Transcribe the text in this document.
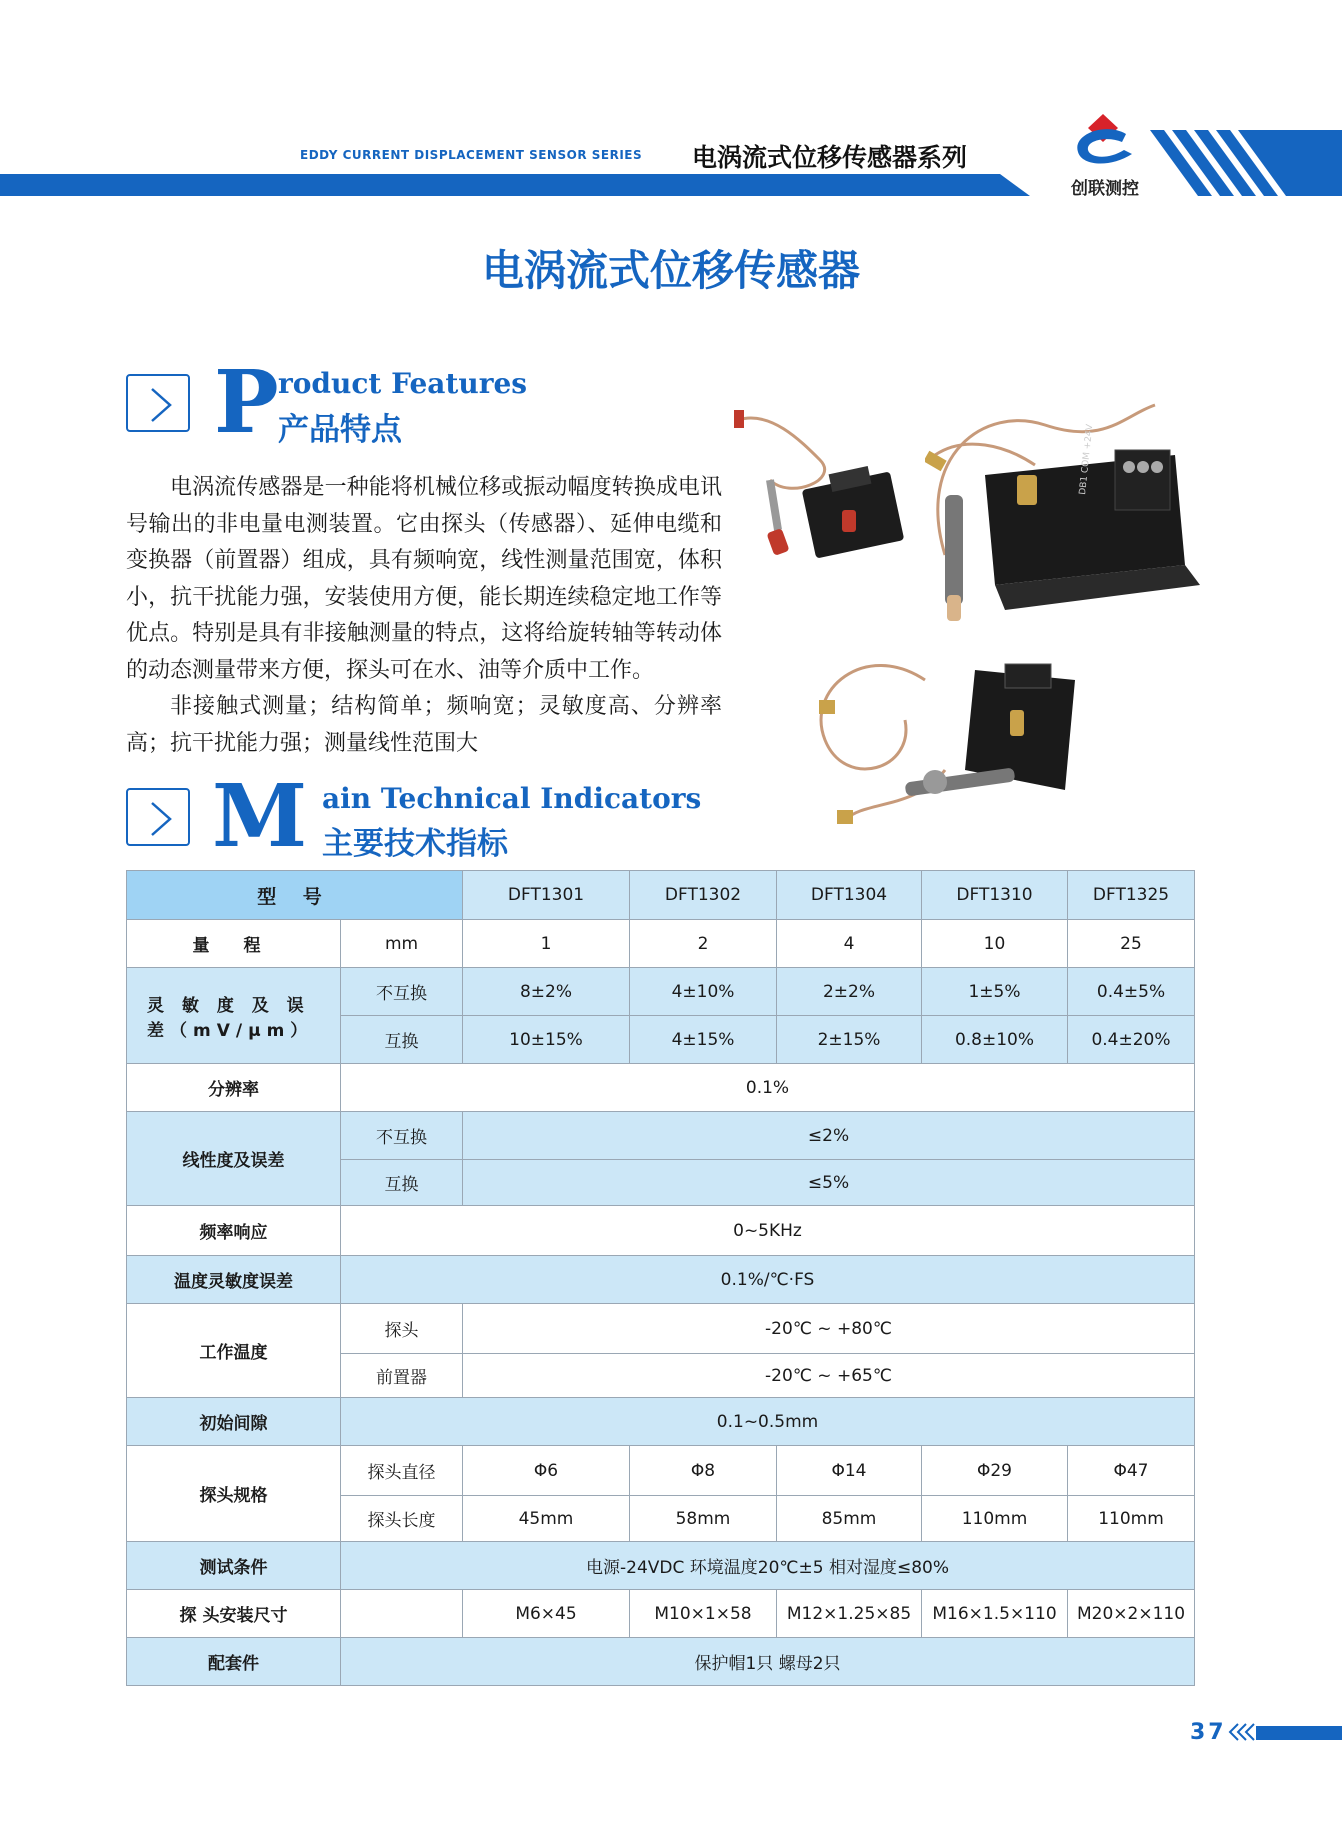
EDDY CURRENT DISPLACEMENT SENSOR SERIES 电涡流式位移传感器系列
创联测控
电涡流式位移传感器
P roduct Features
产品特点

电涡流传感器是一种能将机械位移或振动幅度转换成电讯号输出的非电量电测装置。它由探头（传感器）、延伸电缆和变换器（前置器）组成，具有频响宽，线性测量范围宽，体积小，抗干扰能力强，安装使用方便，能长期连续稳定地工作等优点。特别是具有非接触测量的特点，这将给旋转轴等转动体的动态测量带来方便，探头可在水、油等介质中工作。

非接触式测量；结构简单；频响宽；灵敏度高、分辨率高；抗干扰能力强；测量线性范围大

DB1 COM +24V
M ain Technical Indicators
主要技术指标
型 号		DFT1301	DFT1302	DFT1304	DFT1310	DFT1325
量 程	mm	1	2	4	10	25
灵 敏 度 及 误 差（mV/μm）	不互换	8±2%	4±10%	2±2%	1±5%	0.4±5%
	互换	10±15%	4±15%	2±15%	0.8±10%	0.4±20%
分辨率	0.1%					
线性度及误差	不互换	≤2%				
	互换	≤5%				
频率响应	0~5KHz					
温度灵敏度误差	0.1%/℃·FS					
工作温度	探头	-20℃ ~ +80℃				
	前置器	-20℃ ~ +65℃				
初始间隙	0.1~0.5mm					
探头规格	探头直径	Φ6	Φ8	Φ14	Φ29	Φ47
	探头长度	45mm	58mm	85mm	110mm	110mm
测试条件	电源-24VDC 环境温度20℃±5 相对湿度≤80%					
探 头安装尺寸		M6×45	M10×1×58	M12×1.25×85	M16×1.5×110	M20×2×110
配套件	保护帽1只 螺母2只					
37
